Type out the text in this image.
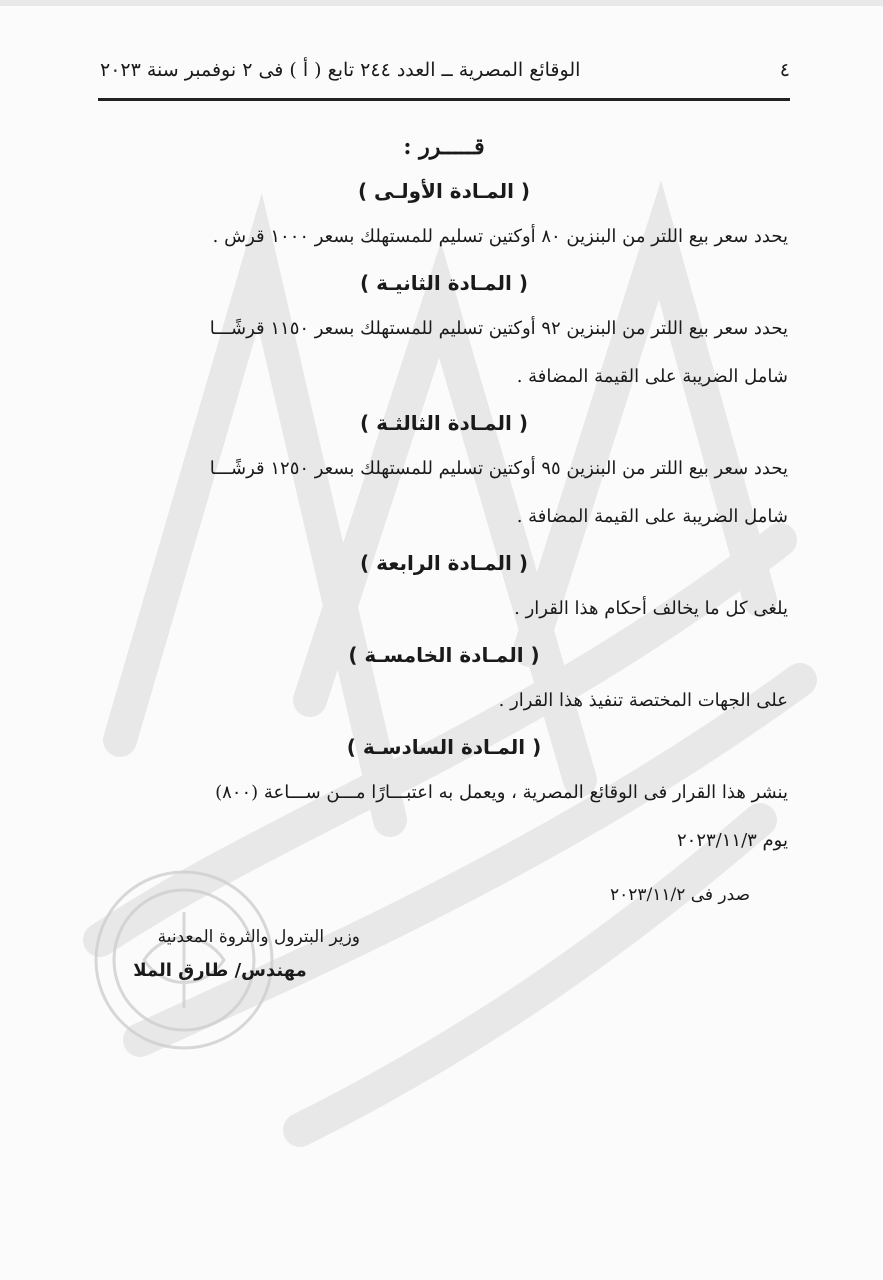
٤
الوقائع المصرية ــ العدد ٢٤٤ تابع ( أ ) فى ٢ نوفمبر سنة ٢٠٢٣
قـــــرر :
( المـادة الأولـى )
يحدد سعر بيع اللتر من البنزين ٨٠ أوكتين تسليم للمستهلك بسعر ١٠٠٠ قرش .
( المـادة الثانيـة )
يحدد سعر بيع اللتر من البنزين ٩٢ أوكتين تسليم للمستهلك بسعر ١١٥٠ قرشًـــا
شامل الضريبة على القيمة المضافة .
( المـادة الثالثـة )
يحدد سعر بيع اللتر من البنزين ٩٥ أوكتين تسليم للمستهلك بسعر ١٢٥٠ قرشًـــا
شامل الضريبة على القيمة المضافة .
( المـادة الرابعة )
يلغى كل ما يخالف أحكام هذا القرار .
( المـادة الخامسـة )
على الجهات المختصة تنفيذ هذا القرار .
( المـادة السادسـة )
ينشر هذا القرار فى الوقائع المصرية ، ويعمل به اعتبـــارًا مـــن ســـاعة (٨٠٠)
يوم ٢٠٢٣/١١/٣
صدر فى ٢٠٢٣/١١/٢
وزير البترول والثروة المعدنية
مهندس/ طارق الملا
